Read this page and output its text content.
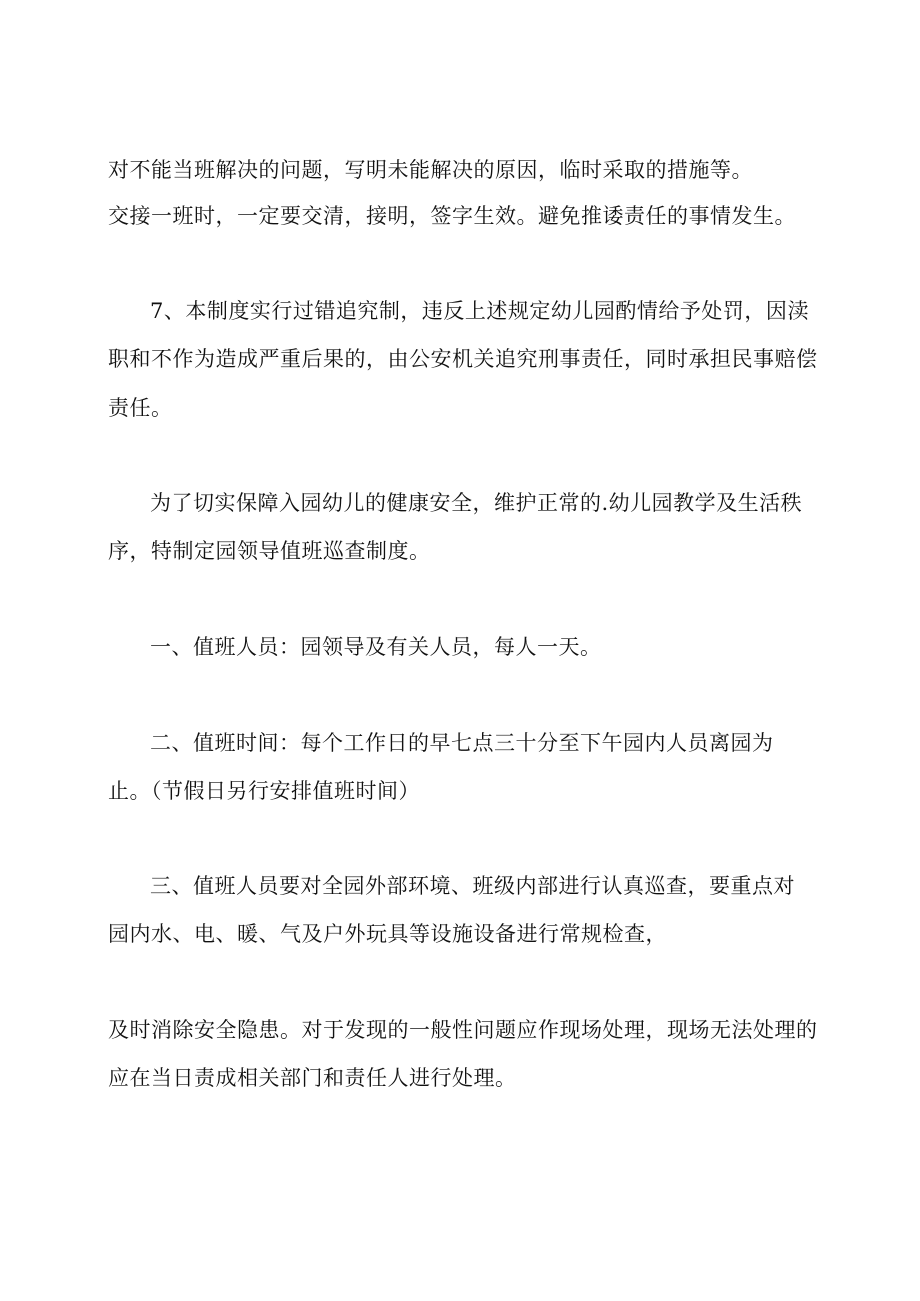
对不能当班解决的问题，写明未能解决的原因，临时采取的措施等。
交接一班时，一定要交清，接明，签字生效。避免推诿责任的事情发生。
7、本制度实行过错追究制，违反上述规定幼儿园酌情给予处罚，因渎
职和不作为造成严重后果的，由公安机关追究刑事责任，同时承担民事赔偿
责任。
为了切实保障入园幼儿的健康安全，维护正常的.幼儿园教学及生活秩
序，特制定园领导值班巡查制度。
一、值班人员：园领导及有关人员，每人一天。
二、值班时间：每个工作日的早七点三十分至下午园内人员离园为
止。（节假日另行安排值班时间）
三、值班人员要对全园外部环境、班级内部进行认真巡查，要重点对
园内水、电、暖、气及户外玩具等设施设备进行常规检查，
及时消除安全隐患。对于发现的一般性问题应作现场处理，现场无法处理的
应在当日责成相关部门和责任人进行处理。
